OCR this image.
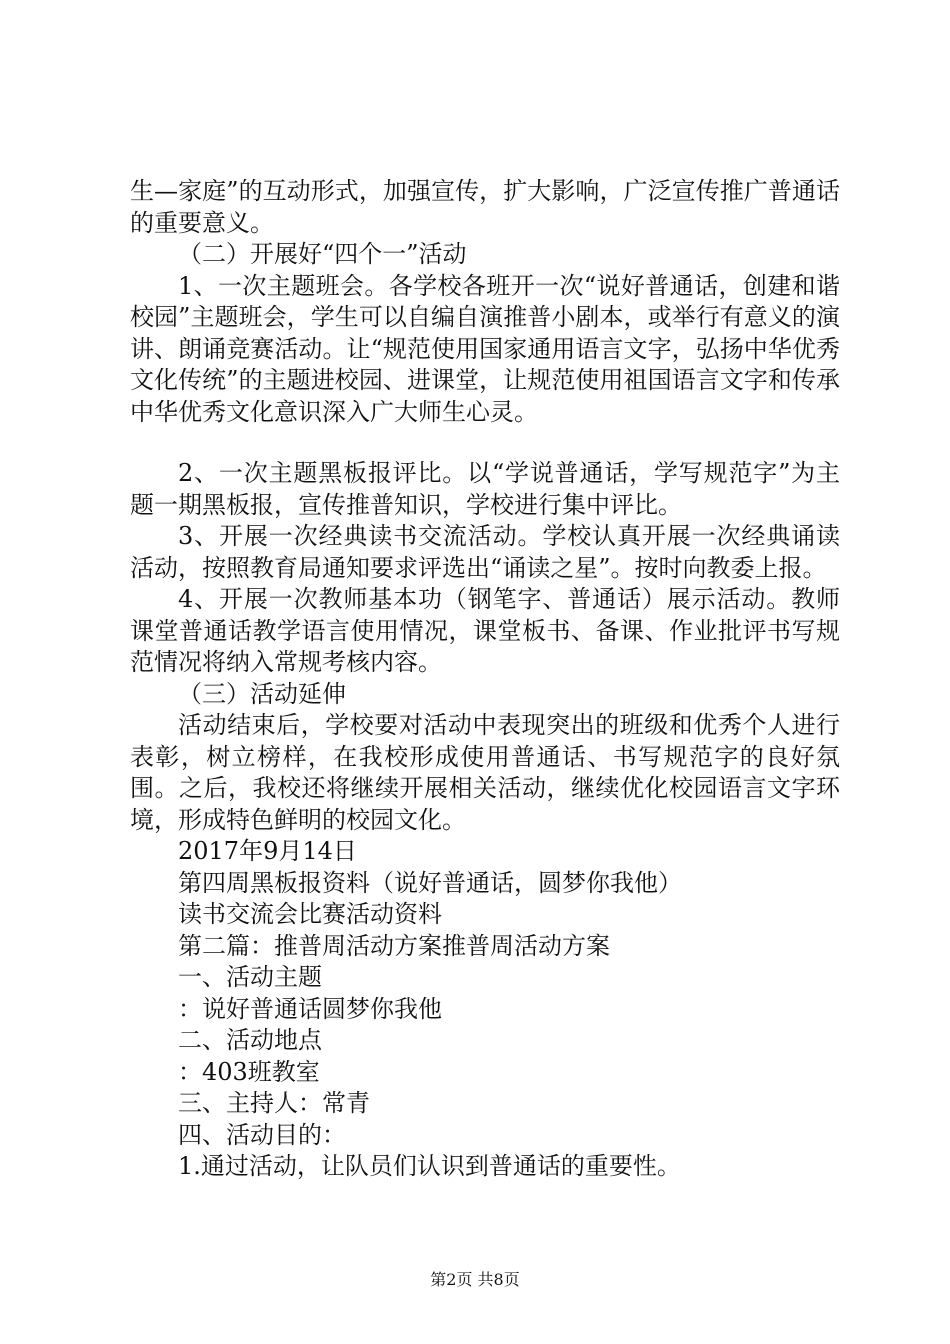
生—家庭”的互动形式，加强宣传，扩大影响，广泛宣传推广普通话的重要意义。

（二）开展好“四个一”活动

1、一次主题班会。各学校各班开一次“说好普通话，创建和谐校园”主题班会，学生可以自编自演推普小剧本，或举行有意义的演讲、朗诵竞赛活动。让“规范使用国家通用语言文字，弘扬中华优秀文化传统”的主题进校园、进课堂，让规范使用祖国语言文字和传承中华优秀文化意识深入广大师生心灵。

2、一次主题黑板报评比。以“学说普通话，学写规范字”为主题一期黑板报，宣传推普知识，学校进行集中评比。

3、开展一次经典读书交流活动。学校认真开展一次经典诵读活动，按照教育局通知要求评选出“诵读之星”。按时向教委上报。

4、开展一次教师基本功（钢笔字、普通话）展示活动。教师课堂普通话教学语言使用情况，课堂板书、备课、作业批评书写规范情况将纳入常规考核内容。

（三）活动延伸

活动结束后，学校要对活动中表现突出的班级和优秀个人进行表彰，树立榜样，在我校形成使用普通话、书写规范字的良好氛围。之后，我校还将继续开展相关活动，继续优化校园语言文字环境，形成特色鲜明的校园文化。

2017年9月14日

第四周黑板报资料（说好普通话，圆梦你我他）

读书交流会比赛活动资料

第二篇：推普周活动方案推普周活动方案

一、活动主题

：说好普通话圆梦你我他

二、活动地点

：403班教室

三、主持人：常青

四、活动目的：

1.通过活动，让队员们认识到普通话的重要性。

第2页 共8页
